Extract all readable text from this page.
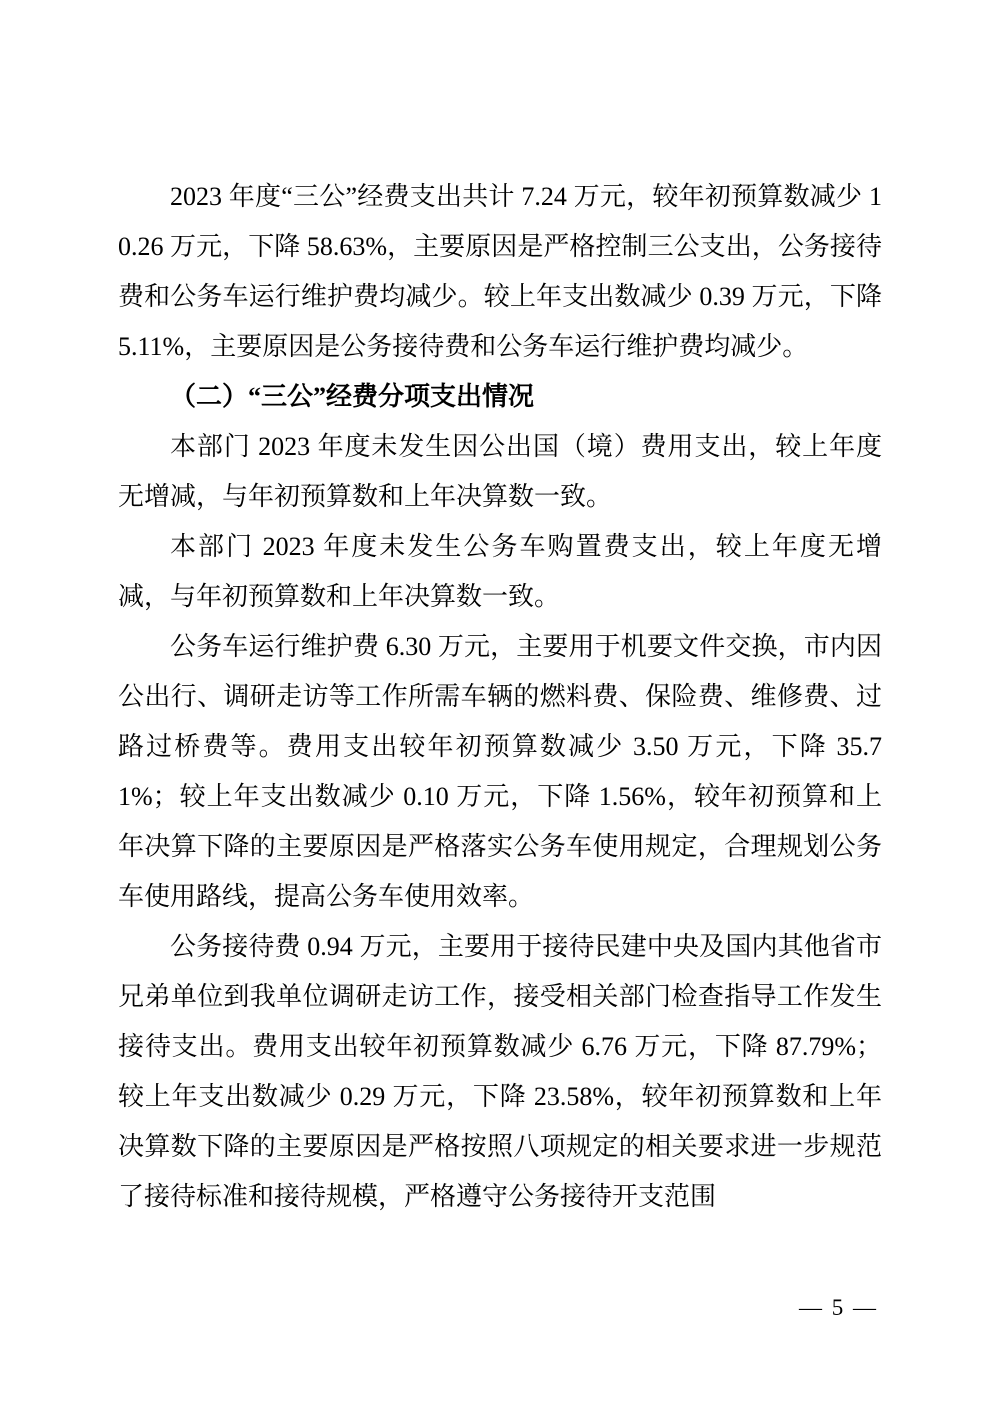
2023 年度“三公”经费支出共计 7.24 万元，较年初预算数减少 10.26 万元，下降 58.63%，主要原因是严格控制三公支出，公务接待费和公务车运行维护费均减少。较上年支出数减少 0.39 万元，下降 5.11%，主要原因是公务接待费和公务车运行维护费均减少。

（二）“三公”经费分项支出情况

本部门 2023 年度未发生因公出国（境）费用支出，较上年度无增减，与年初预算数和上年决算数一致。

本部门 2023 年度未发生公务车购置费支出，较上年度无增减，与年初预算数和上年决算数一致。

公务车运行维护费 6.30 万元，主要用于机要文件交换，市内因公出行、调研走访等工作所需车辆的燃料费、保险费、维修费、过路过桥费等。费用支出较年初预算数减少 3.50 万元，下降 35.71%；较上年支出数减少 0.10 万元，下降 1.56%，较年初预算和上年决算下降的主要原因是严格落实公务车使用规定，合理规划公务车使用路线，提高公务车使用效率。

公务接待费 0.94 万元，主要用于接待民建中央及国内其他省市兄弟单位到我单位调研走访工作，接受相关部门检查指导工作发生接待支出。费用支出较年初预算数减少 6.76 万元，下降 87.79%；较上年支出数减少 0.29 万元，下降 23.58%，较年初预算数和上年决算数下降的主要原因是严格按照八项规定的相关要求进一步规范了接待标准和接待规模，严格遵守公务接待开支范围

— 5 —
